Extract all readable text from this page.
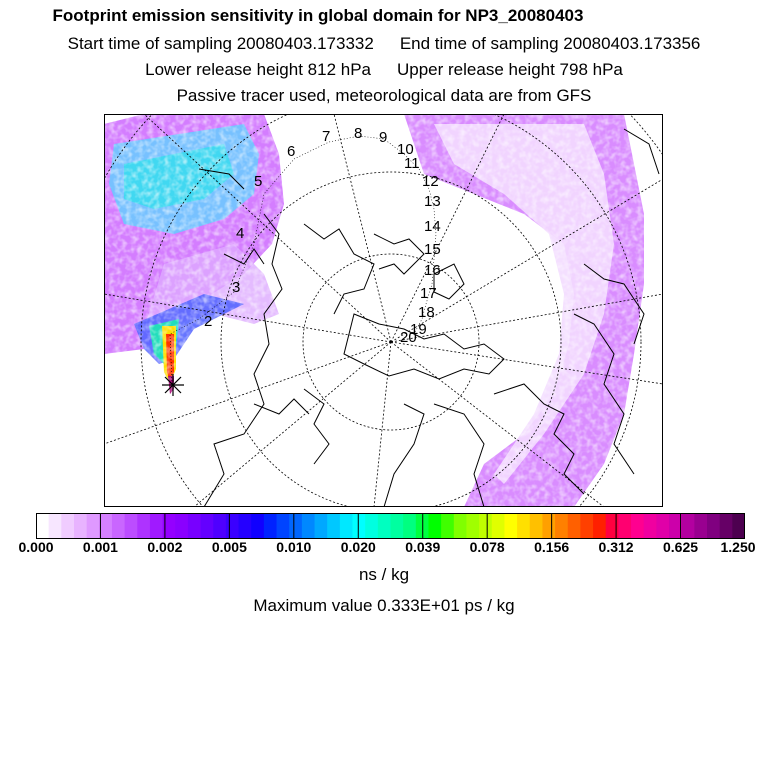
Footprint emission sensitivity in global domain for NP3_20080403
Start time of sampling 20080403.173332 End time of sampling 20080403.173356
Lower release height 812 hPa Upper release height 798 hPa
Passive tracer used, meteorological data are from GFS
2
3
4
5
6
7 8 9
10
11
12
13
14
15
16
17
18
19
20
0.000 0.001 0.002 0.005 0.010 0.020 0.039 0.078 0.156 0.312 0.625 1.250
ns / kg
Maximum value 0.333E+01 ps / kg
